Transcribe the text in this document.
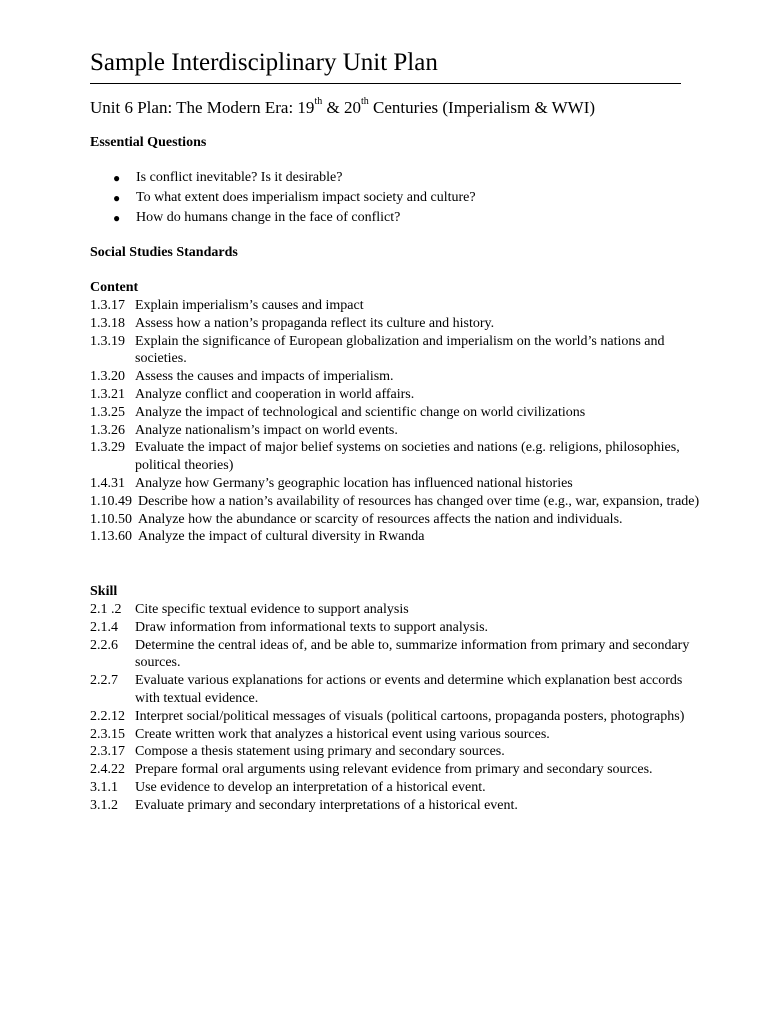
Sample Interdisciplinary Unit Plan
Unit 6 Plan: The Modern Era: 19th & 20th Centuries (Imperialism & WWI)
Essential Questions
● Is conflict inevitable? Is it desirable?
● To what extent does imperialism impact society and culture?
● How do humans change in the face of conflict?
Social Studies Standards
Content
1.3.17 Explain imperialism’s causes and impact
1.3.18 Assess how a nation’s propaganda reflect its culture and history.
1.3.19 Explain the significance of European globalization and imperialism on the world’s nations and societies.
1.3.20 Assess the causes and impacts of imperialism.
1.3.21 Analyze conflict and cooperation in world affairs.
1.3.25 Analyze the impact of technological and scientific change on world civilizations
1.3.26 Analyze nationalism’s impact on world events.
1.3.29 Evaluate the impact of major belief systems on societies and nations (e.g. religions, philosophies, political theories)
1.4.31 Analyze how Germany’s geographic location has influenced national histories
1.10.49 Describe how a nation’s availability of resources has changed over time (e.g., war, expansion, trade)
1.10.50 Analyze how the abundance or scarcity of resources affects the nation and individuals.
1.13.60 Analyze the impact of cultural diversity in Rwanda
Skill
2.1 .2 Cite specific textual evidence to support analysis
2.1.4 Draw information from informational texts to support analysis.
2.2.6 Determine the central ideas of, and be able to, summarize information from primary and secondary sources.
2.2.7 Evaluate various explanations for actions or events and determine which explanation best accords with textual evidence.
2.2.12 Interpret social/political messages of visuals (political cartoons, propaganda posters, photographs)
2.3.15 Create written work that analyzes a historical event using various sources.
2.3.17 Compose a thesis statement using primary and secondary sources.
2.4.22 Prepare formal oral arguments using relevant evidence from primary and secondary sources.
3.1.1 Use evidence to develop an interpretation of a historical event.
3.1.2 Evaluate primary and secondary interpretations of a historical event.
